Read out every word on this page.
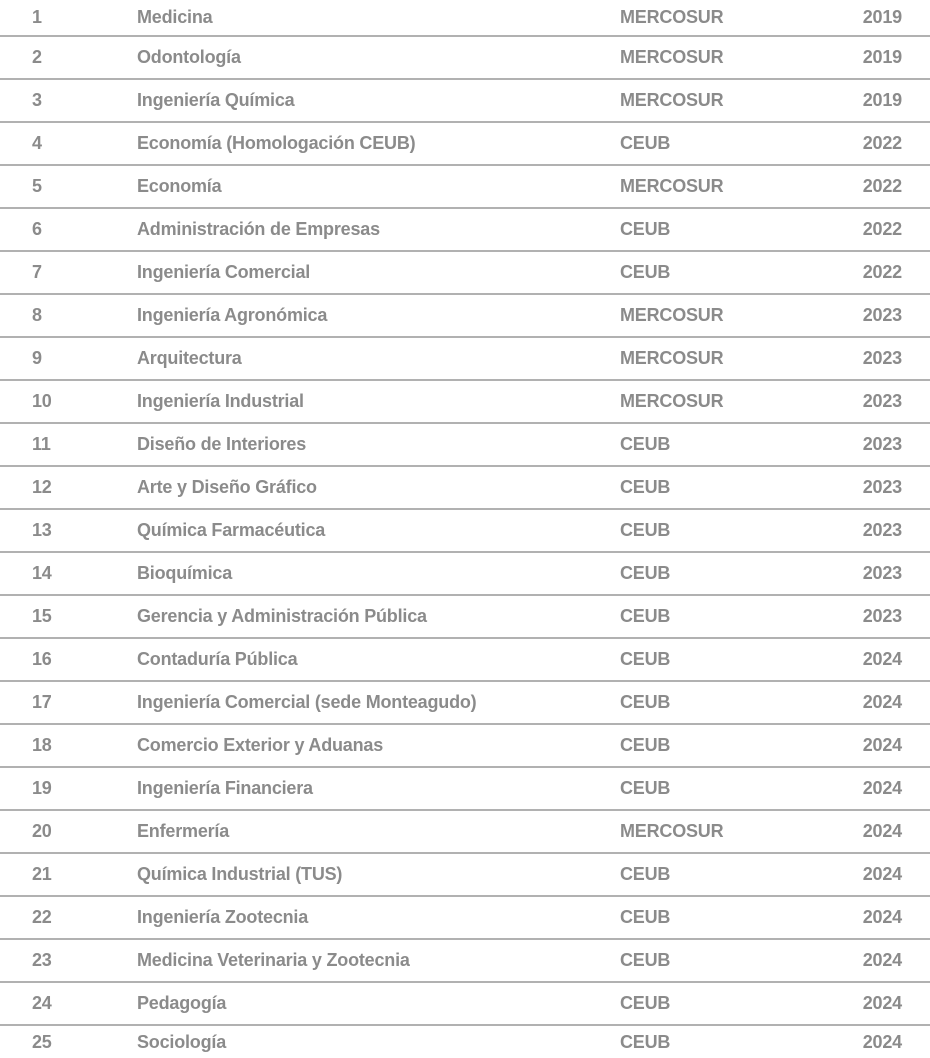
1	Medicina	MERCOSUR	2019
2	Odontología	MERCOSUR	2019
3	Ingeniería Química	MERCOSUR	2019
4	Economía (Homologación CEUB)	CEUB	2022
5	Economía	MERCOSUR	2022
6	Administración de Empresas	CEUB	2022
7	Ingeniería Comercial	CEUB	2022
8	Ingeniería Agronómica	MERCOSUR	2023
9	Arquitectura	MERCOSUR	2023
10	Ingeniería Industrial	MERCOSUR	2023
11	Diseño de Interiores	CEUB	2023
12	Arte y Diseño Gráfico	CEUB	2023
13	Química Farmacéutica	CEUB	2023
14	Bioquímica	CEUB	2023
15	Gerencia y Administración Pública	CEUB	2023
16	Contaduría Pública	CEUB	2024
17	Ingeniería Comercial (sede Monteagudo)	CEUB	2024
18	Comercio Exterior y Aduanas	CEUB	2024
19	Ingeniería Financiera	CEUB	2024
20	Enfermería	MERCOSUR	2024
21	Química Industrial (TUS)	CEUB	2024
22	Ingeniería Zootecnia	CEUB	2024
23	Medicina Veterinaria y Zootecnia	CEUB	2024
24	Pedagogía	CEUB	2024
25	Sociología	CEUB	2024
